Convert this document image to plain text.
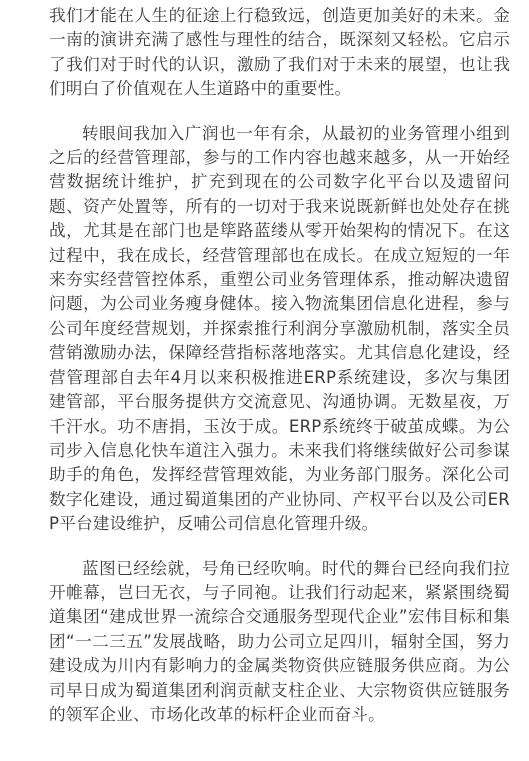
我们才能在人生的征途上行稳致远，创造更加美好的未来。金一南的演讲充满了感性与理性的结合，既深刻又轻松。它启示了我们对于时代的认识，激励了我们对于未来的展望，也让我们明白了价值观在人生道路中的重要性。

转眼间我加入广润也一年有余，从最初的业务管理小组到之后的经营管理部，参与的工作内容也越来越多，从一开始经营数据统计维护，扩充到现在的公司数字化平台以及遗留问题、资产处置等，所有的一切对于我来说既新鲜也处处存在挑战，尤其是在部门也是筚路蓝缕从零开始架构的情况下。在这过程中，我在成长，经营管理部也在成长。在成立短短的一年来夯实经营管控体系，重塑公司业务管理体系，推动解决遗留问题，为公司业务瘦身健体。接入物流集团信息化进程，参与公司年度经营规划，并探索推行利润分享激励机制，落实全员营销激励办法，保障经营指标落地落实。尤其信息化建设，经营管理部自去年4月以来积极推进ERP系统建设，多次与集团建管部，平台服务提供方交流意见、沟通协调。无数星夜，万千汗水。功不唐捐，玉汝于成。ERP系统终于破茧成蝶。为公司步入信息化快车道注入强力。未来我们将继续做好公司参谋助手的角色，发挥经营管理效能，为业务部门服务。深化公司数字化建设，通过蜀道集团的产业协同、产权平台以及公司ERP平台建设维护，反哺公司信息化管理升级。

蓝图已经绘就，号角已经吹响。时代的舞台已经向我们拉开帷幕，岂曰无衣，与子同袍。让我们行动起来，紧紧围绕蜀道集团“建成世界一流综合交通服务型现代企业”宏伟目标和集团“一二三五”发展战略，助力公司立足四川，辐射全国，努力建设成为川内有影响力的金属类物资供应链服务供应商。为公司早日成为蜀道集团利润贡献支柱企业、大宗物资供应链服务的领军企业、市场化改革的标杆企业而奋斗。
